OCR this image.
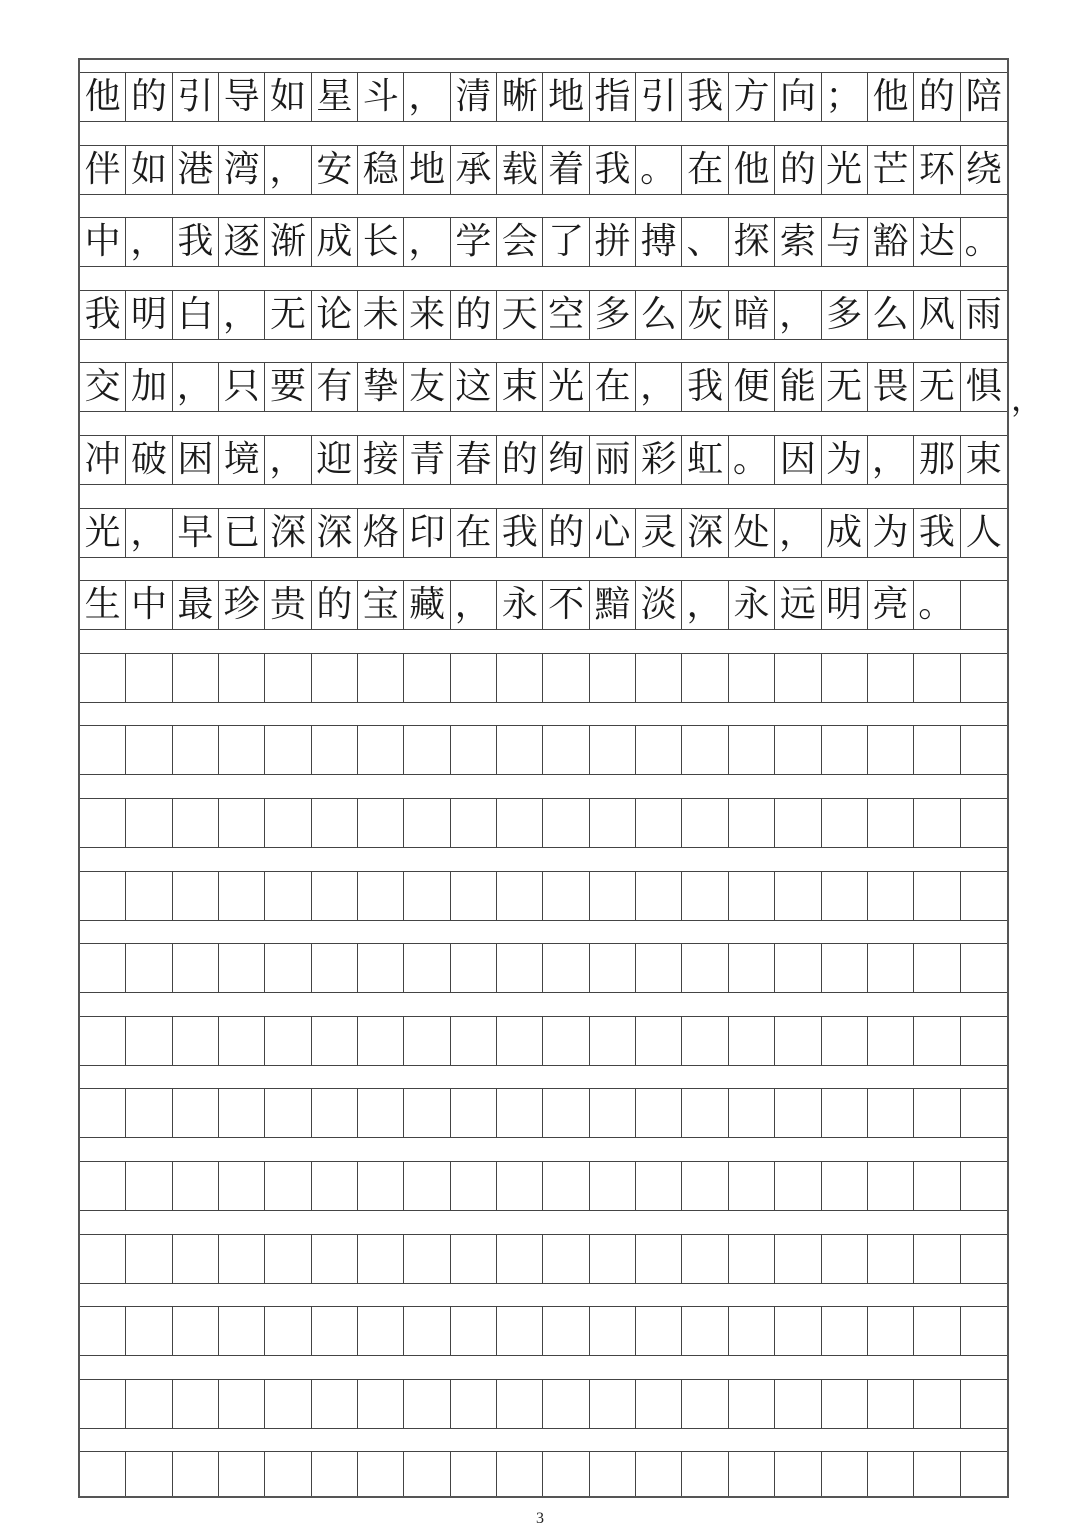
他 的 引 导 如 星 斗 ， 清 晰 地 指 引 我 方 向 ； 他 的 陪
伴 如 港 湾 ， 安 稳 地 承 载 着 我 。 在 他 的 光 芒 环 绕
中 ， 我 逐 渐 成 长 ， 学 会 了 拼 搏 、 探 索 与 豁 达 。
我 明 白 ， 无 论 未 来 的 天 空 多 么 灰 暗 ， 多 么 风 雨
交 加 ， 只 要 有 挚 友 这 束 光 在 ， 我 便 能 无 畏 无 惧
冲 破 困 境 ， 迎 接 青 春 的 绚 丽 彩 虹 。 因 为 ， 那 束
光 ， 早 已 深 深 烙 印 在 我 的 心 灵 深 处 ， 成 为 我 人
生 中 最 珍 贵 的 宝 藏 ， 永 不 黯 淡 ， 永 远 明 亮 。
3
，
